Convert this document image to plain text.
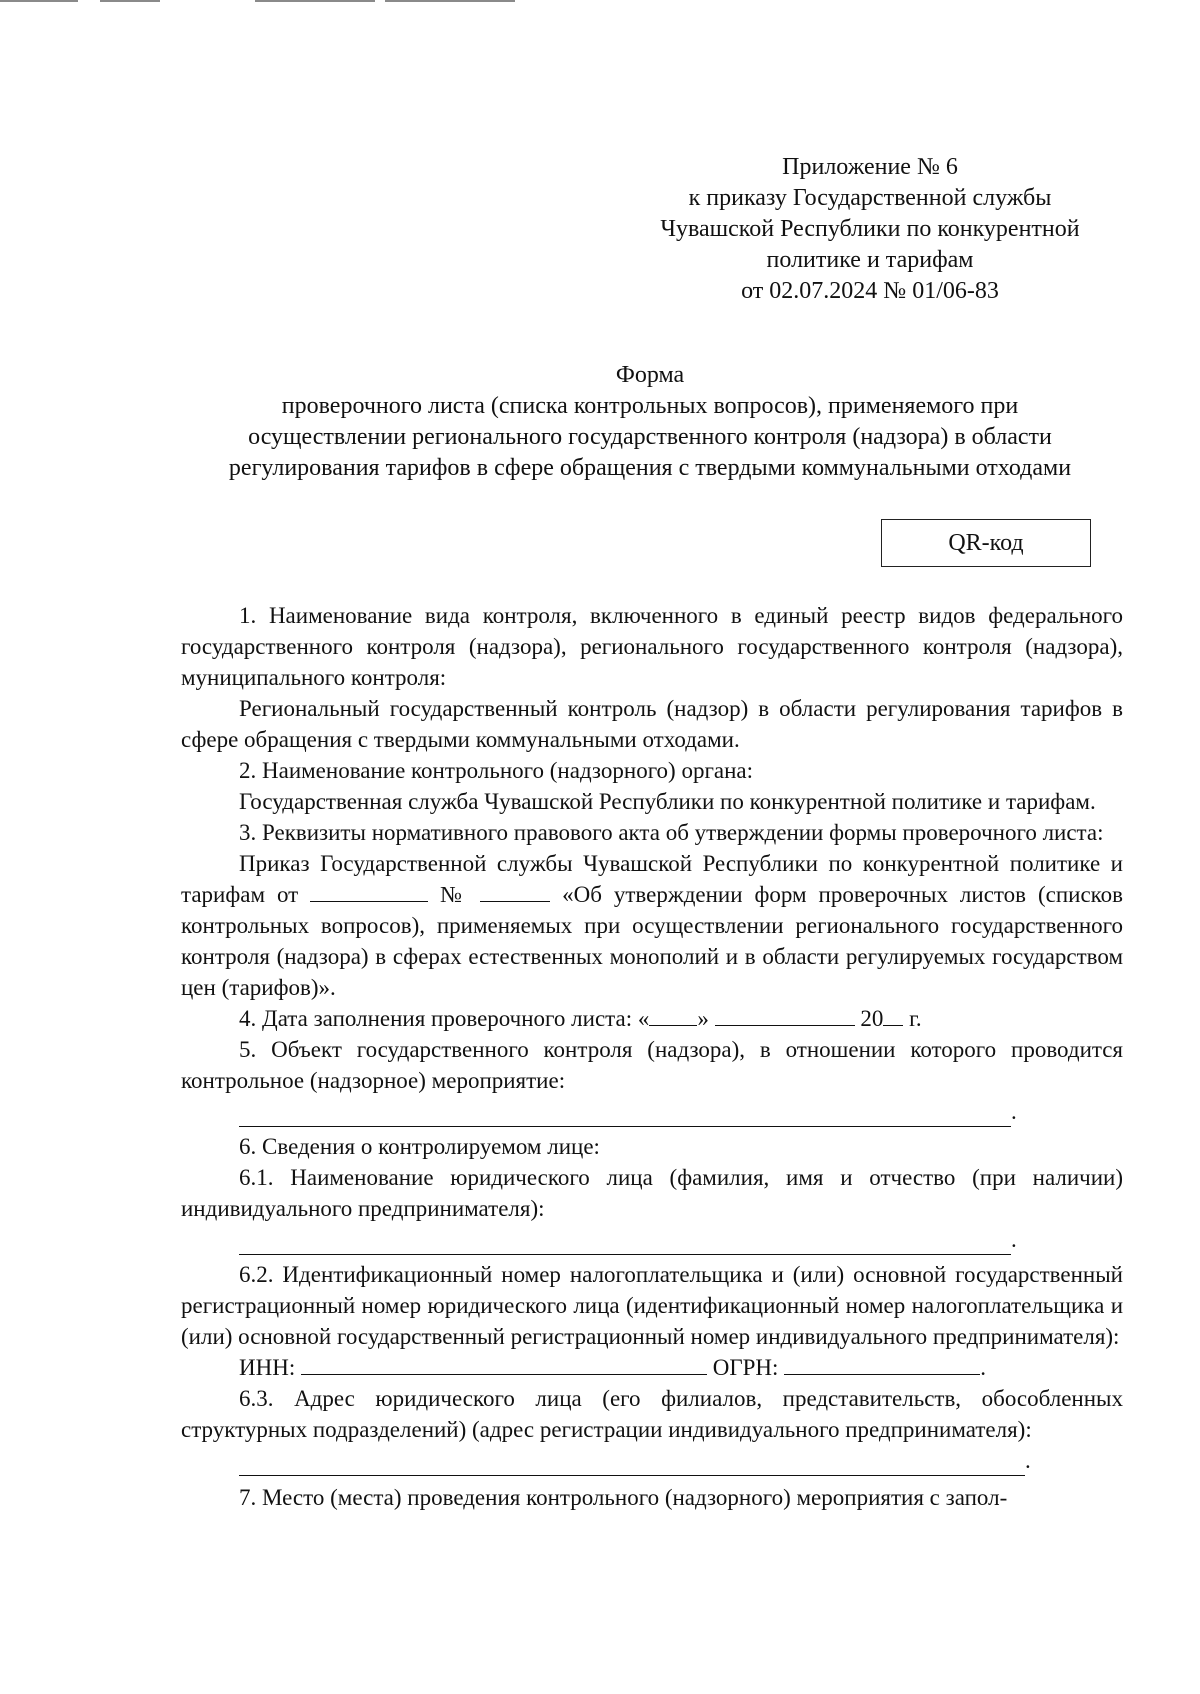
Приложение № 6
к приказу Государственной службы
Чувашской Республики по конкурентной
политике и тарифам
от 02.07.2024 № 01/06-83
Форма
проверочного листа (списка контрольных вопросов), применяемого при
осуществлении регионального государственного контроля (надзора) в области
регулирования тарифов в сфере обращения с твердыми коммунальными отходами
QR-код

1. Наименование вида контроля, включенного в единый реестр видов федерального государственного контроля (надзора), регионального государственного контроля (надзора), муниципального контроля:

Региональный государственный контроль (надзор) в области регулирования тарифов в сфере обращения с твердыми коммунальными отходами.

2. Наименование контрольного (надзорного) органа:

Государственная служба Чувашской Республики по конкурентной политике и тарифам.

3. Реквизиты нормативного правового акта об утверждении формы проверочного листа:

Приказ Государственной службы Чувашской Республики по конкурентной политике и тарифам от	№	«Об утверждении форм проверочных листов (списков контрольных вопросов), применяемых при осуществлении регионального государственного контроля (надзора) в сферах естественных монополий и в области регулируемых государством цен (тарифов)».

4. Дата заполнения проверочного листа: « »	20 г.

5. Объект государственного контроля (надзора), в отношении которого проводится контрольное (надзорное) мероприятие:

.

6. Сведения о контролируемом лице:

6.1. Наименование юридического лица (фамилия, имя и отчество (при наличии) индивидуального предпринимателя):

.

6.2. Идентификационный номер налогоплательщика и (или) основной государственный регистрационный номер юридического лица (идентификационный номер налогоплательщика и (или) основной государственный регистрационный номер индивидуального предпринимателя):

ИНН:	ОГРН:	.

6.3. Адрес юридического лица (его филиалов, представительств, обособленных структурных подразделений) (адрес регистрации индивидуального предпринимателя):

.

7. Место (места) проведения контрольного (надзорного) мероприятия с запол-
